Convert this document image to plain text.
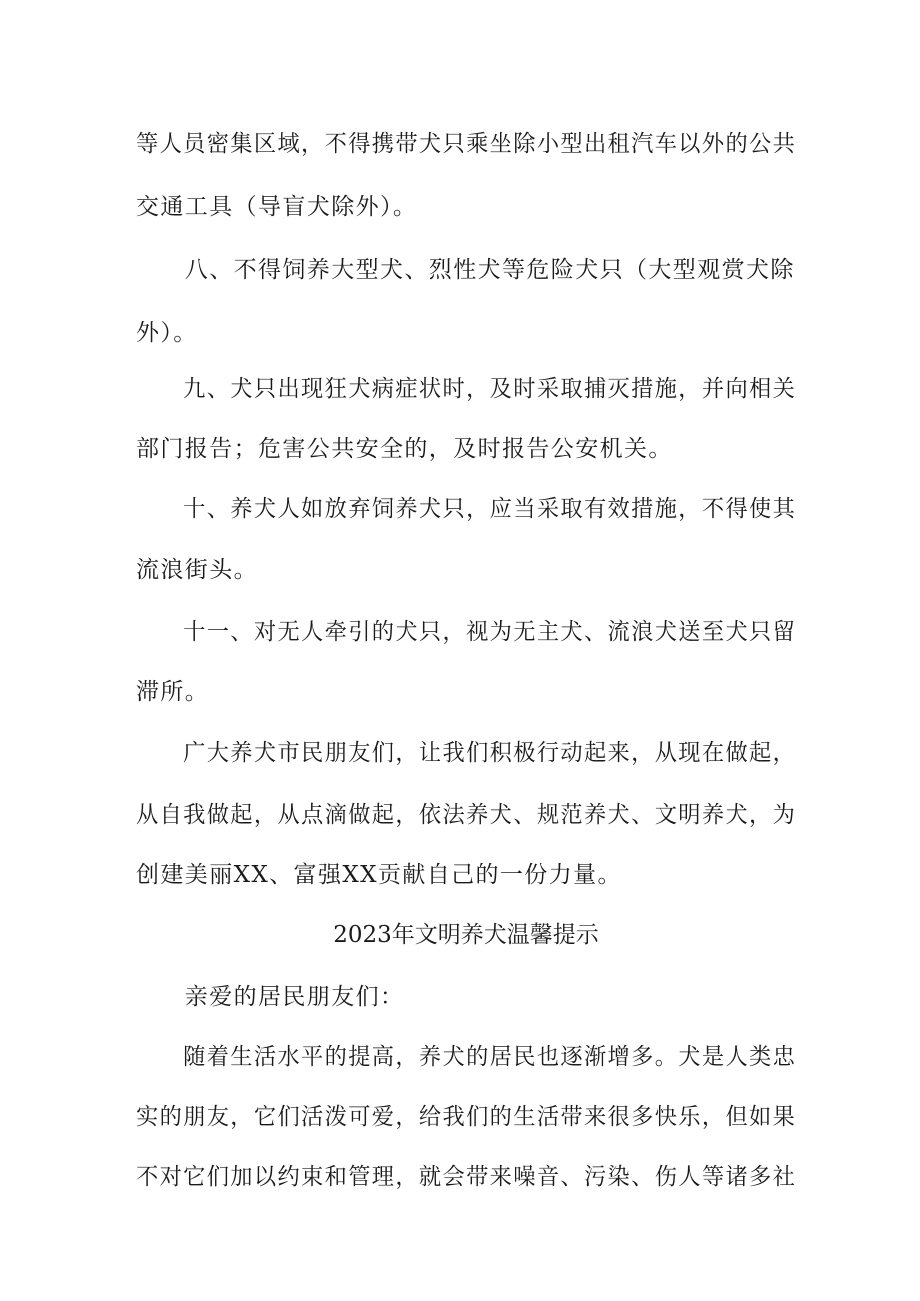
等人员密集区域，不得携带犬只乘坐除小型出租汽车以外的公共
交通工具（导盲犬除外）。
　　八、不得饲养大型犬、烈性犬等危险犬只（大型观赏犬除
外）。
　　九、犬只出现狂犬病症状时，及时采取捕灭措施，并向相关
部门报告；危害公共安全的，及时报告公安机关。
　　十、养犬人如放弃饲养犬只，应当采取有效措施，不得使其
流浪街头。
　　十一、对无人牵引的犬只，视为无主犬、流浪犬送至犬只留
滞所。
　　广大养犬市民朋友们，让我们积极行动起来，从现在做起，
从自我做起，从点滴做起，依法养犬、规范养犬、文明养犬，为
创建美丽XX、富强XX贡献自己的一份力量。
2023年文明养犬温馨提示
　　亲爱的居民朋友们：
　　随着生活水平的提高，养犬的居民也逐渐增多。犬是人类忠
实的朋友，它们活泼可爱，给我们的生活带来很多快乐，但如果
不对它们加以约束和管理，就会带来噪音、污染、伤人等诸多社
